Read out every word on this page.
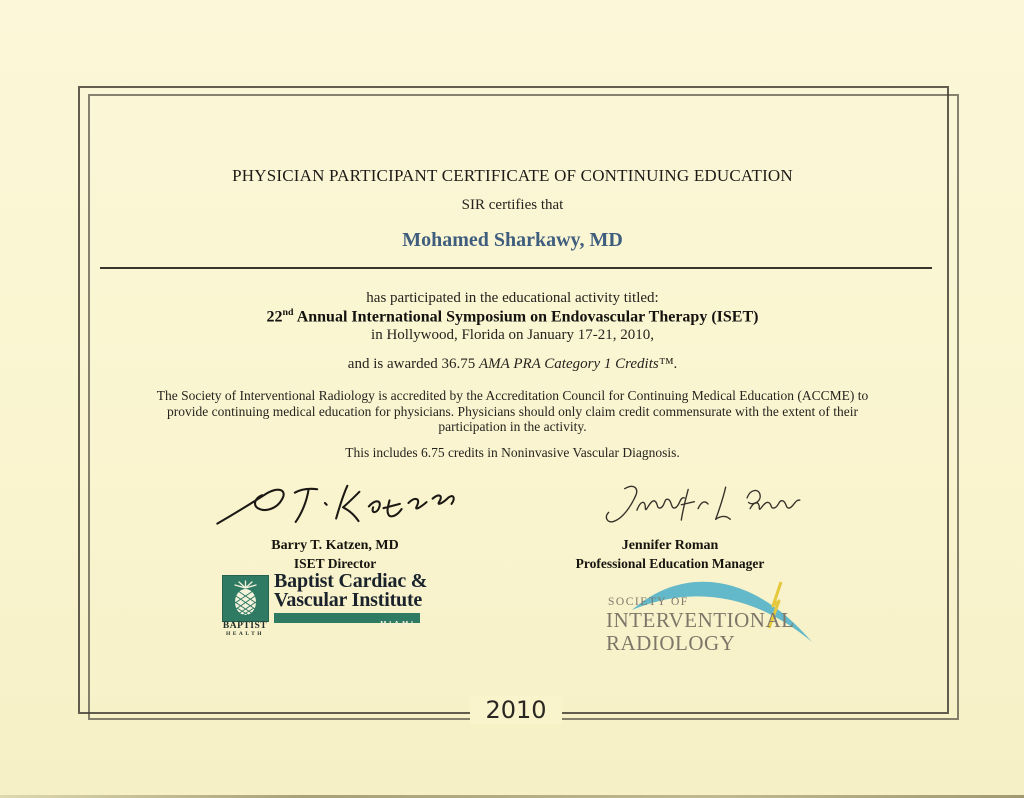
PHYSICIAN PARTICIPANT CERTIFICATE OF CONTINUING EDUCATION
SIR certifies that
Mohamed Sharkawy, MD
has participated in the educational activity titled:
22nd Annual International Symposium on Endovascular Therapy (ISET)
in Hollywood, Florida on January 17-21, 2010,
and is awarded 36.75 AMA PRA Category 1 Credits™.
The Society of Interventional Radiology is accredited by the Accreditation Council for Continuing Medical Education (ACCME) to
provide continuing medical education for physicians. Physicians should only claim credit commensurate with the extent of their
participation in the activity.
This includes 6.75 credits in Noninvasive Vascular Diagnosis.
Barry T. Katzen, MD
ISET Director
Jennifer Roman
Professional Education Manager
BAPTIST
HEALTH
Baptist Cardiac &
Vascular Institute
MIAMI
SOCIETY OF
INTERVENTIONAL
RADIOLOGY
2010
